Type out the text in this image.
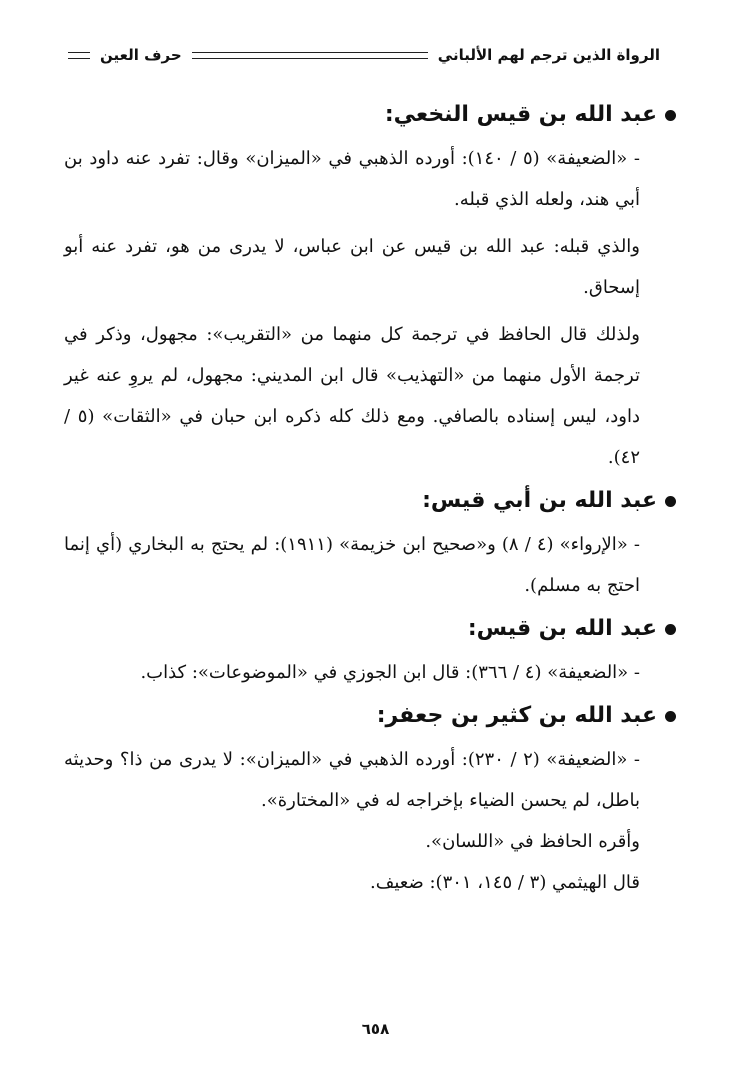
الرواة الذين ترجم لهم الألباني
حرف العين
عبد الله بن قيس النخعي:

- «الضعيفة» (٥ / ١٤٠): أورده الذهبي في «الميزان» وقال: تفرد عنه داود بن أبي هند، ولعله الذي قبله.

والذي قبله: عبد الله بن قيس عن ابن عباس، لا يدرى من هو، تفرد عنه أبو إسحاق.

ولذلك قال الحافظ في ترجمة كل منهما من «التقريب»: مجهول، وذكر في ترجمة الأول منهما من «التهذيب» قال ابن المديني: مجهول، لم يروِ عنه غير داود، ليس إسناده بالصافي. ومع ذلك كله ذكره ابن حبان في «الثقات» (٥ / ٤٢).

عبد الله بن أبي قيس:

- «الإرواء» (٤ / ٨) و«صحيح ابن خزيمة» (١٩١١): لم يحتج به البخاري (أي إنما احتج به مسلم).

عبد الله بن قيس:

- «الضعيفة» (٤ / ٣٦٦): قال ابن الجوزي في «الموضوعات»: كذاب.

عبد الله بن كثير بن جعفر:

- «الضعيفة» (٢ / ٢٣٠): أورده الذهبي في «الميزان»: لا يدرى من ذا؟ وحديثه باطل، لم يحسن الضياء بإخراجه له في «المختارة».

وأقره الحافظ في «اللسان».

قال الهيثمي (٣ / ١٤٥، ٣٠١): ضعيف.

٦٥٨
